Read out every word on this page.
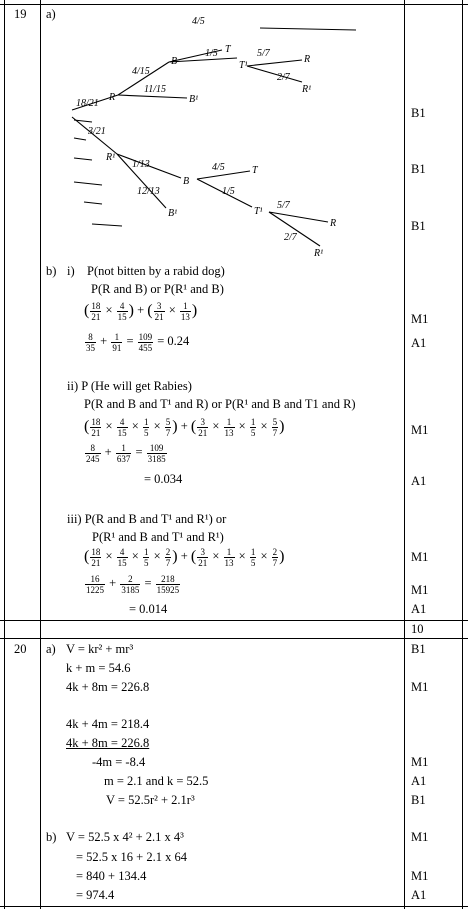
19 a)
18/21
3/21
R
R¹
4/15
11/15
B
B¹
1/13
12/13
B
B¹
4/5
1/5 T
T¹
5/7
2/7
R
R¹
4/5
1/5
T
T¹
5/7
2/7
R
R¹
B1
B1
B1
b) i) P(not bitten by a rabid dog)
P(R and B) or P(R¹ and B)
( $\frac{18}{21} \times \frac{4}{15}$ ) + ( $\frac{3}{21} \times \frac{1}{13}$ )
$\frac{8}{35} + \frac{1}{91} = \frac{109}{455} = 0.24$
M1
A1
ii) P (He will get Rabies)
P(R and B and T¹ and R) or P(R¹ and B and T1 and R)
( $\frac{18}{21} \times \frac{4}{15} \times \frac{1}{5} \times \frac{5}{7}$ ) + ( $\frac{3}{21} \times \frac{1}{13} \times \frac{1}{5} \times \frac{5}{7}$ )
$\frac{8}{245} + \frac{1}{637} = \frac{109}{3185}$
= 0.034
M1
A1
iii) P(R and B and T¹ and R¹) or
P(R¹ and B and T¹ and R¹)
( $\frac{18}{21} \times \frac{4}{15} \times \frac{1}{5} \times \frac{2}{7}$ ) + ( $\frac{3}{21} \times \frac{1}{13} \times \frac{1}{5} \times \frac{2}{7}$ )
$\frac{16}{1225} + \frac{2}{3185} = \frac{218}{15925}$
= 0.014
M1
M1
A1
10
20 a) V = kr² + mr³
k + m = 54.6
4k + 8m = 226.8
4k + 4m = 218.4
4k + 8m = 226.8
-4m = -8.4
m = 2.1 and k = 52.5
V = 52.5r² + 2.1r³
B1
M1
M1
A1
B1
b) V = 52.5 x 4² + 2.1 x 4³
= 52.5 x 16 + 2.1 x 64
= 840 + 134.4
= 974.4
M1
M1
A1
